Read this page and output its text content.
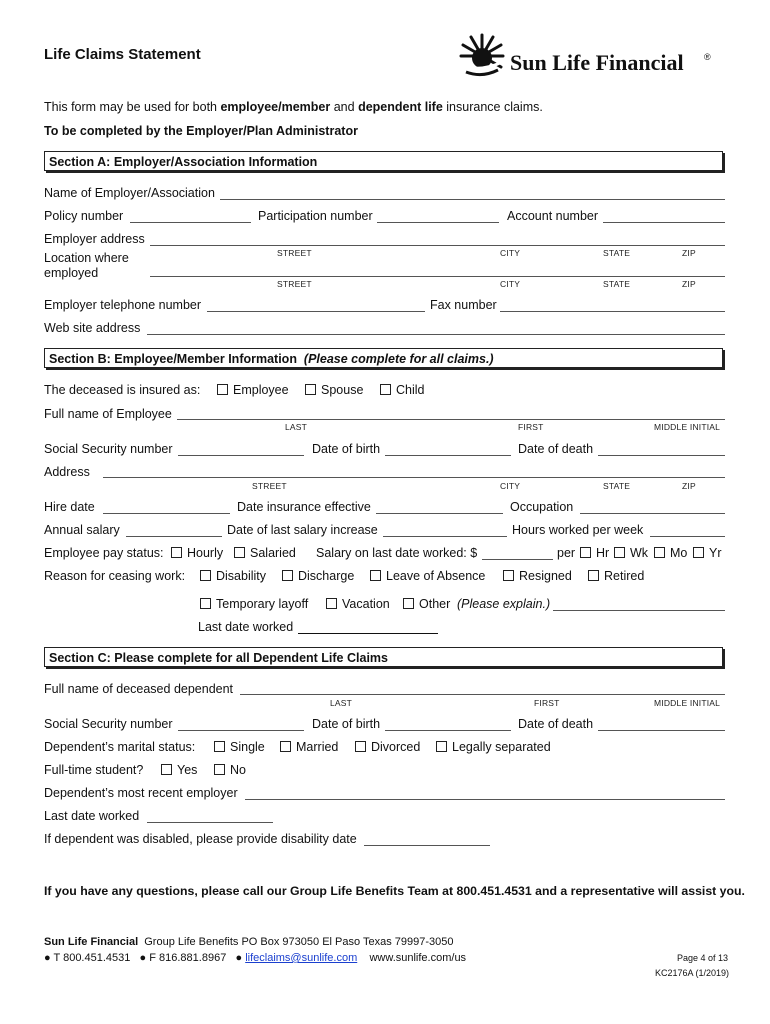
Life Claims Statement	Sun Life Financial ®
This form may be used for both employee/member and dependent life insurance claims.
To be completed by the Employer/Plan Administrator
Section A: Employer/Association Information
Name of Employer/Association
Policy number	Participation number	Account number
Employer address
STREET	CITY	STATE	ZIP
Location where
employed
STREET	CITY	STATE	ZIP
Employer telephone number	Fax number
Web site address
Section B: Employee/Member Information (Please complete for all claims.)
The deceased is insured as:	Employee	Spouse	Child
Full name of Employee
LAST	FIRST	MIDDLE INITIAL
Social Security number	Date of birth	Date of death
Address
STREET	CITY	STATE	ZIP
Hire date	Date insurance effective	Occupation
Annual salary	Date of last salary increase	Hours worked per week
Employee pay status: Hourly Salaried Salary on last date worked: $	per Hr Wk Mo Yr
Reason for ceasing work: Disability	Discharge	Leave of Absence	Resigned	Retired
Temporary layoff	Vacation Other (Please explain.)
Last date worked
Section C: Please complete for all Dependent Life Claims
Full name of deceased dependent
LAST	FIRST	MIDDLE INITIAL
Social Security number	Date of birth	Date of death
Dependent’s marital status:	Single	Married	Divorced	Legally separated
Full-time student?	Yes	No
Dependent’s most recent employer
Last date worked
If dependent was disabled, please provide disability date
If you have any questions, please call our Group Life Benefits Team at 800.451.4531 and a representative will assist you.
Sun Life Financial Group Life Benefits PO Box 973050 El Paso Texas 79997-3050
● T 800.451.4531 ● F 816.881.8967 ● lifeclaims@sunlife.com www.sunlife.com/us	Page 4 of 13
KC2176A (1/2019)
